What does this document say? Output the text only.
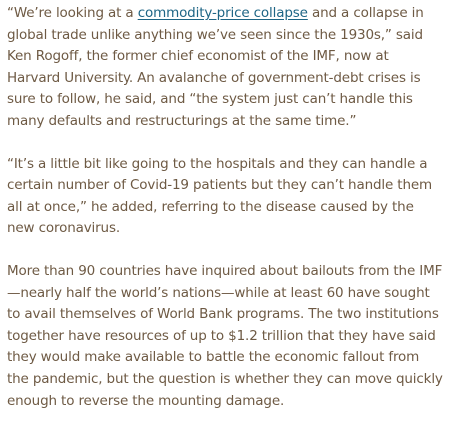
“We’re looking at a commodity-price collapse and a collapse in global trade unlike anything we’ve seen since the 1930s,” said Ken Rogoff, the former chief economist of the IMF, now at Harvard University. An avalanche of government-debt crises is sure to follow, he said, and “the system just can’t handle this many defaults and restructurings at the same time.”

“It’s a little bit like going to the hospitals and they can handle a certain number of Covid-19 patients but they can’t handle them all at once,” he added, referring to the disease caused by the new coronavirus.

More than 90 countries have inquired about bailouts from the IMF—nearly half the world’s nations—while at least 60 have sought to avail themselves of World Bank programs. The two institutions together have resources of up to $1.2 trillion that they have said they would make available to battle the economic fallout from the pandemic, but the question is whether they can move quickly enough to reverse the mounting damage.
